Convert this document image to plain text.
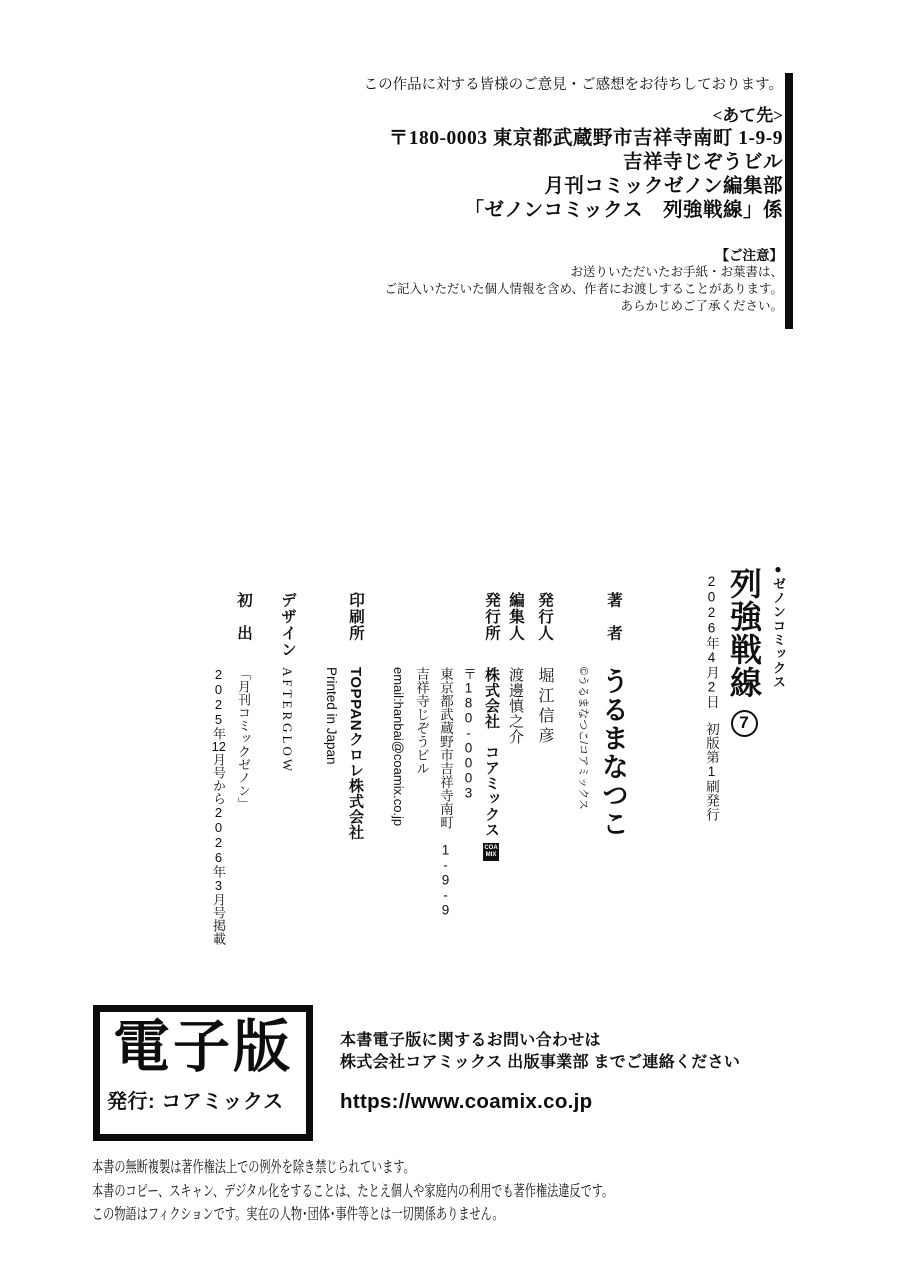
この作品に対する皆様のご意見・ご感想をお待ちしております。
<あて先>
〒180-0003 東京都武蔵野市吉祥寺南町 1-9-9
吉祥寺じぞうビル
月刊コミックゼノン編集部
「ゼノンコミックス　列強戦線」係
【ご注意】
お送りいただいたお手紙・お葉書は、
ご記入いただいた個人情報を含め、作者にお渡しすることがあります。
あらかじめご了承ください。
●ゼノンコミックス
列強戦線7
2026年4月2日初版第1刷発行
著　者うるまなつこ
©うるまなつこ/コアミックス
発行人堀江信彦
編集人渡邊慎之介
発行所株式会社　コアミックス
COA
MIX
〒180-0003
東京都武蔵野市吉祥寺南町　1-9-9
吉祥寺じぞうビル
email:hanbai@coamix.co.jp
印刷所TOPPANクロレ株式会社
Printed in Japan
デザインAFTERGLOW
初　出「月刊コミックゼノン」
2025年12月号から2026年3月号掲載
電子版
発行: コアミックス
本書電子版に関するお問い合わせは
株式会社コアミックス 出版事業部 までご連絡ください
https://www.coamix.co.jp
本書の無断複製は著作権法上での例外を除き禁じられています。
本書のコピー、スキャン、デジタル化をすることは、たとえ個人や家庭内の利用でも著作権法違反です。
この物語はフィクションです。実在の人物･団体･事件等とは一切関係ありません。
